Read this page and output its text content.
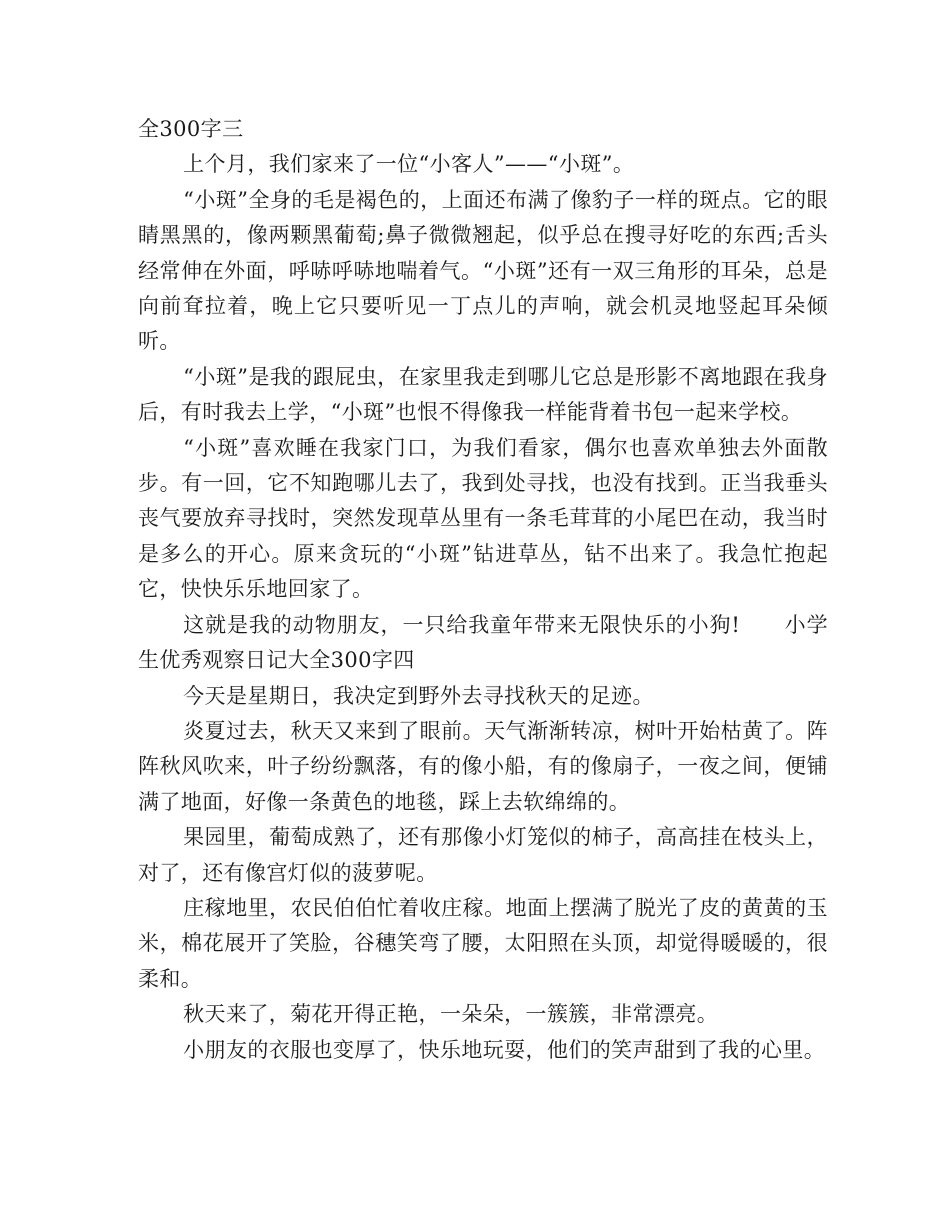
全300字三

上个月，我们家来了一位“小客人”——“小斑”。

“小斑”全身的毛是褐色的，上面还布满了像豹子一样的斑点。它的眼睛黑黑的，像两颗黑葡萄;鼻子微微翘起，似乎总在搜寻好吃的东西;舌头经常伸在外面，呼哧呼哧地喘着气。“小斑”还有一双三角形的耳朵，总是向前耷拉着，晚上它只要听见一丁点儿的声响，就会机灵地竖起耳朵倾听。

“小斑”是我的跟屁虫，在家里我走到哪儿它总是形影不离地跟在我身后，有时我去上学，“小斑”也恨不得像我一样能背着书包一起来学校。

“小斑”喜欢睡在我家门口，为我们看家，偶尔也喜欢单独去外面散步。有一回，它不知跑哪儿去了，我到处寻找，也没有找到。正当我垂头丧气要放弃寻找时，突然发现草丛里有一条毛茸茸的小尾巴在动，我当时是多么的开心。原来贪玩的“小斑”钻进草丛，钻不出来了。我急忙抱起它，快快乐乐地回家了。

这就是我的动物朋友，一只给我童年带来无限快乐的小狗!　　小学生优秀观察日记大全300字四

今天是星期日，我决定到野外去寻找秋天的足迹。

炎夏过去，秋天又来到了眼前。天气渐渐转凉，树叶开始枯黄了。阵阵秋风吹来，叶子纷纷飘落，有的像小船，有的像扇子，一夜之间，便铺满了地面，好像一条黄色的地毯，踩上去软绵绵的。

果园里，葡萄成熟了，还有那像小灯笼似的柿子，高高挂在枝头上，对了，还有像宫灯似的菠萝呢。

庄稼地里，农民伯伯忙着收庄稼。地面上摆满了脱光了皮的黄黄的玉米，棉花展开了笑脸，谷穗笑弯了腰，太阳照在头顶，却觉得暖暖的，很柔和。

秋天来了，菊花开得正艳，一朵朵，一簇簇，非常漂亮。

小朋友的衣服也变厚了，快乐地玩耍，他们的笑声甜到了我的心里。
